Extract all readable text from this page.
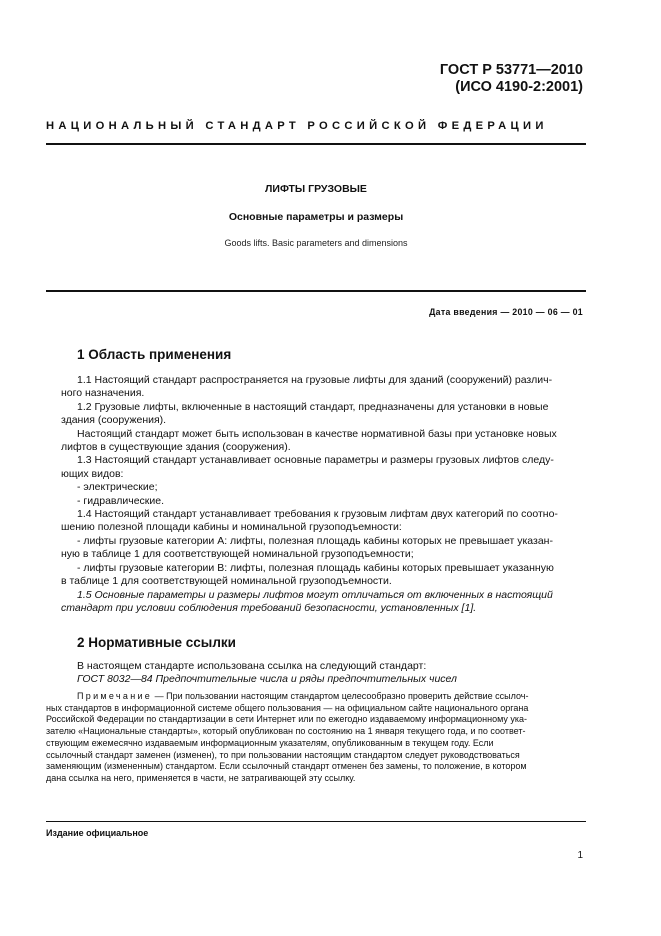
ГОСТ Р 53771—2010
(ИСО 4190-2:2001)
НАЦИОНАЛЬНЫЙ СТАНДАРТ РОССИЙСКОЙ ФЕДЕРАЦИИ
ЛИФТЫ ГРУЗОВЫЕ
Основные параметры и размеры
Goods lifts. Basic parameters and dimensions
Дата введения — 2010 — 06 — 01
1 Область применения
1.1 Настоящий стандарт распространяется на грузовые лифты для зданий (сооружений) различ-
ного назначения.
1.2 Грузовые лифты, включенные в настоящий стандарт, предназначены для установки в новые
здания (сооружения).
Настоящий стандарт может быть использован в качестве нормативной базы при установке новых
лифтов в существующие здания (сооружения).
1.3 Настоящий стандарт устанавливает основные параметры и размеры грузовых лифтов следу-
ющих видов:
- электрические;
- гидравлические.
1.4 Настоящий стандарт устанавливает требования к грузовым лифтам двух категорий по соотно-
шению полезной площади кабины и номинальной грузоподъемности:
- лифты грузовые категории А: лифты, полезная площадь кабины которых не превышает указан-
ную в таблице 1 для соответствующей номинальной грузоподъемности;
- лифты грузовые категории В: лифты, полезная площадь кабины которых превышает указанную
в таблице 1 для соответствующей номинальной грузоподъемности.
1.5 Основные параметры и размеры лифтов могут отличаться от включенных в настоящий
стандарт при условии соблюдения требований безопасности, установленных [1].
2 Нормативные ссылки
В настоящем стандарте использована ссылка на следующий стандарт:
ГОСТ 8032—84 Предпочтительные числа и ряды предпочтительных чисел
Примечание — При пользовании настоящим стандартом целесообразно проверить действие ссылоч-
ных стандартов в информационной системе общего пользования — на официальном сайте национального органа
Российской Федерации по стандартизации в сети Интернет или по ежегодно издаваемому информационному ука-
зателю «Национальные стандарты», который опубликован по состоянию на 1 января текущего года, и по соответ-
ствующим ежемесячно издаваемым информационным указателям, опубликованным в текущем году. Если
ссылочный стандарт заменен (изменен), то при пользовании настоящим стандартом следует руководствоваться
заменяющим (измененным) стандартом. Если ссылочный стандарт отменен без замены, то положение, в котором
дана ссылка на него, применяется в части, не затрагивающей эту ссылку.
Издание официальное
1
